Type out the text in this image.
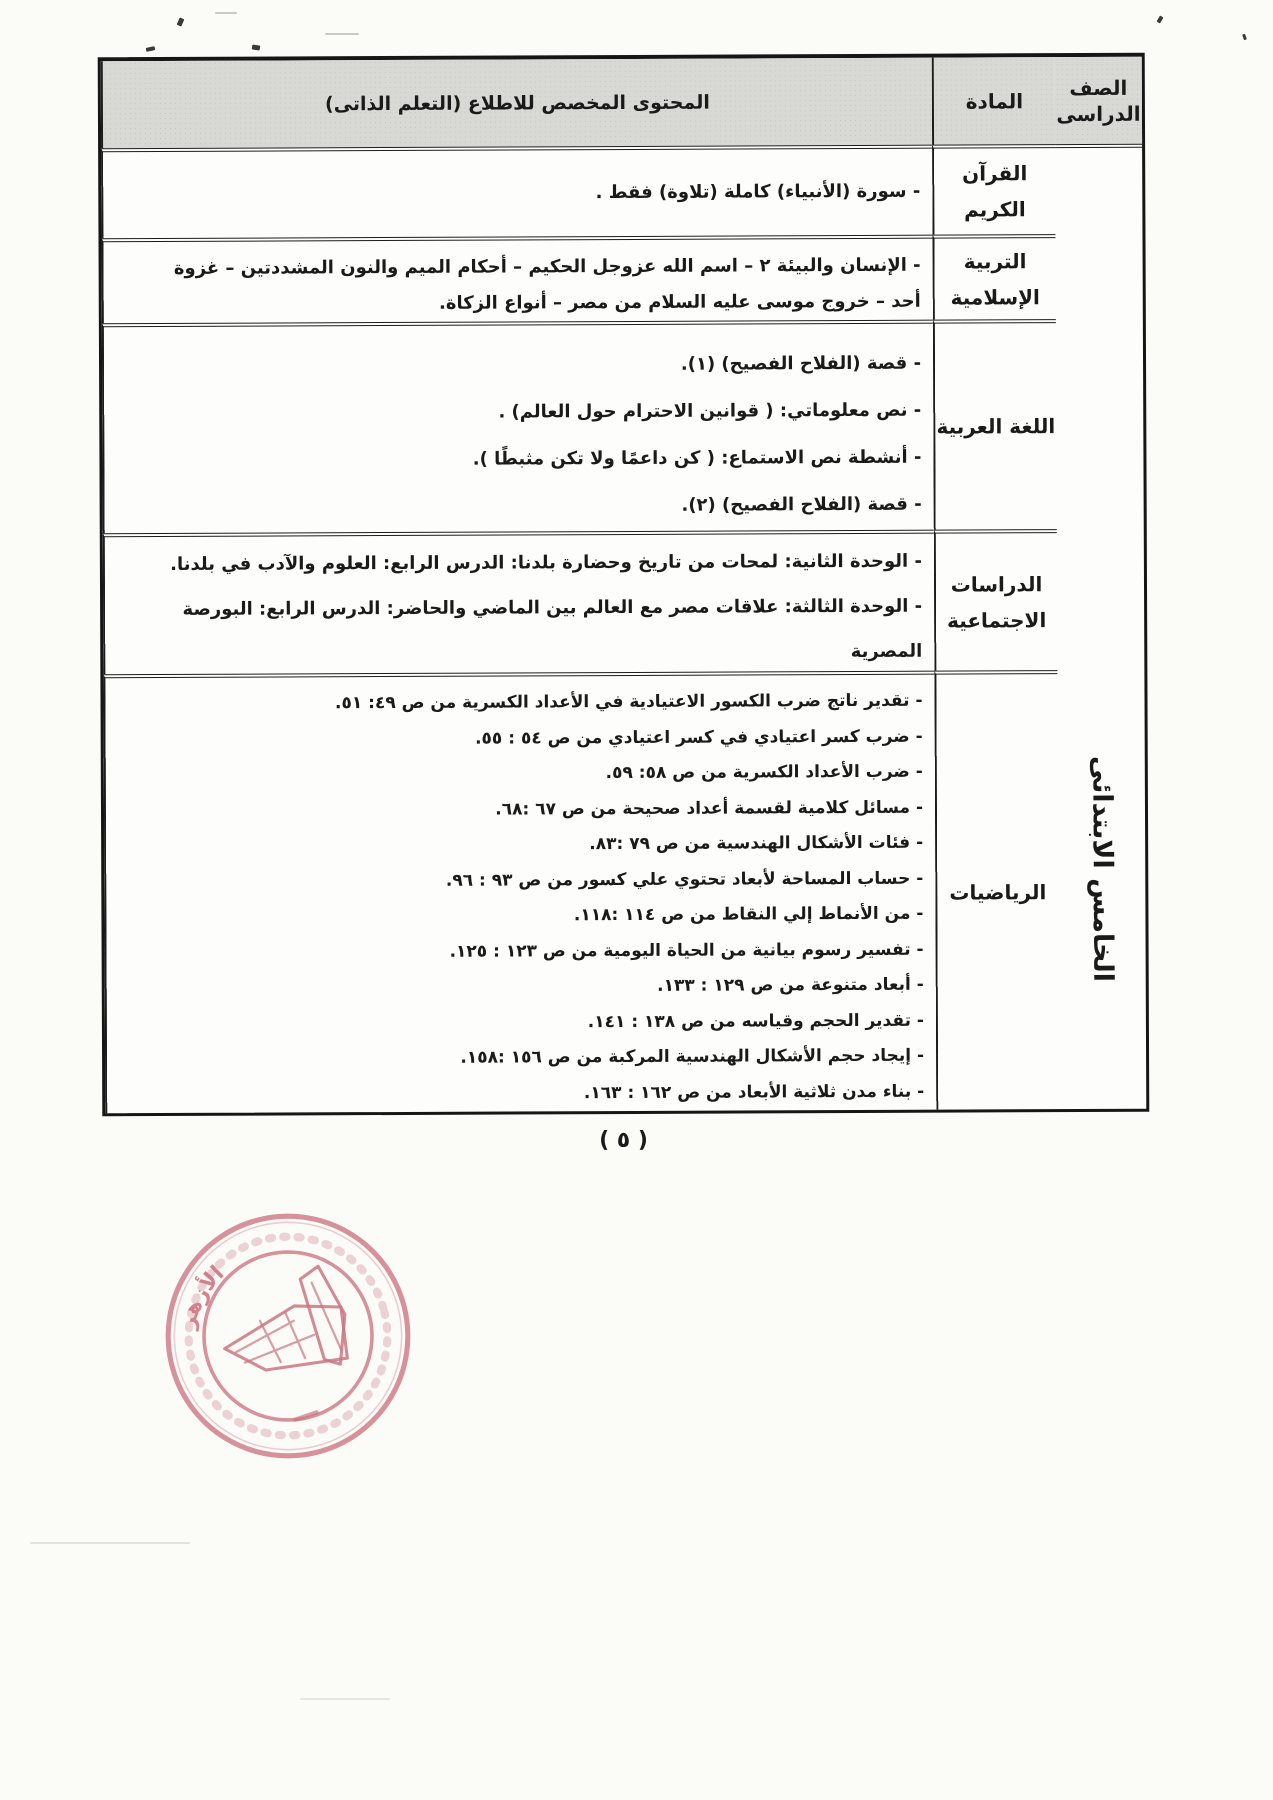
الصف
الدراسى
المادة
المحتوى المخصص للاطلاع (التعلم الذاتى)
الخامس الابتدائى
القرآن
الكريم
- سورة (الأنبياء) كاملة (تلاوة) فقط .
التربية
الإسلامية
- الإنسان والبيئة ٢ – اسم الله عزوجل الحكيم – أحكام الميم والنون المشددتين – غزوة
أحد – خروج موسى عليه السلام من مصر – أنواع الزكاة.
اللغة العربية
- قصة (الفلاح الفصيح) (١).
- نص معلوماتي: ( قوانين الاحترام حول العالم) .
- أنشطة نص الاستماع: ( كن داعمًا ولا تكن مثبطًا ).
- قصة (الفلاح الفصيح) (٢).
الدراسات
الاجتماعية
- الوحدة الثانية: لمحات من تاريخ وحضارة بلدنا: الدرس الرابع: العلوم والآدب في بلدنا.
- الوحدة الثالثة: علاقات مصر مع العالم بين الماضي والحاضر: الدرس الرابع: البورصة
المصرية
الرياضيات
- تقدير ناتج ضرب الكسور الاعتيادية في الأعداد الكسرية من ص ٤٩: ٥١.
- ضرب كسر اعتيادي في كسر اعتيادي من ص ٥٤ : ٥٥.
- ضرب الأعداد الكسرية من ص ٥٨: ٥٩.
- مسائل كلامية لقسمة أعداد صحيحة من ص ٦٧ :٦٨.
- فئات الأشكال الهندسية من ص ٧٩ :٨٣.
- حساب المساحة لأبعاد تحتوي علي كسور من ص ٩٣ : ٩٦.
- من الأنماط إلي النقاط من ص ١١٤ :١١٨.
- تفسير رسوم بيانية من الحياة اليومية من ص ١٢٣ : ١٢٥.
- أبعاد متنوعة من ص ١٢٩ : ١٣٣.
- تقدير الحجم وقياسه من ص ١٣٨ : ١٤١.
- إيجاد حجم الأشكال الهندسية المركبة من ص ١٥٦ :١٥٨.
- بناء مدن ثلاثية الأبعاد من ص ١٦٢ : ١٦٣.
( ٥ )
الأزهر
